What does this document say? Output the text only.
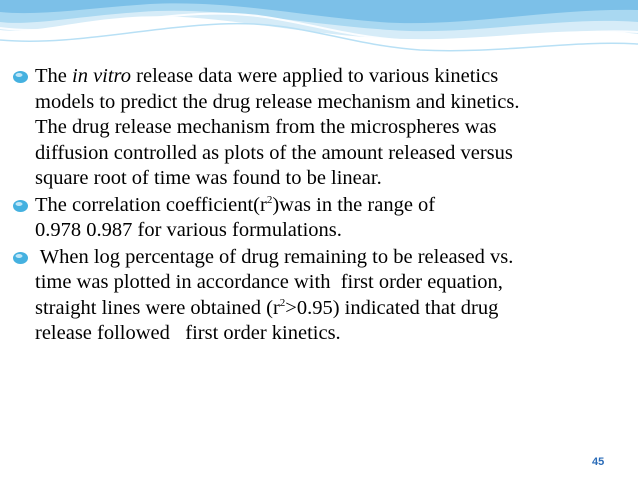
The in vitro release data were applied to various kinetics
models to predict the drug release mechanism and kinetics.
The drug release mechanism from the microspheres was
diffusion controlled as plots of the amount released versus
square root of time was found to be linear.
The correlation $coefficient(r^2)was$ in the range of
0.978 0.987 for various formulations.
When log percentage of drug remaining to be released vs.
time was plotted in accordance with  first order equation,
straight lines were obtained $(r^2>0.95)$ indicated that drug
release followed   first order kinetics.
45
